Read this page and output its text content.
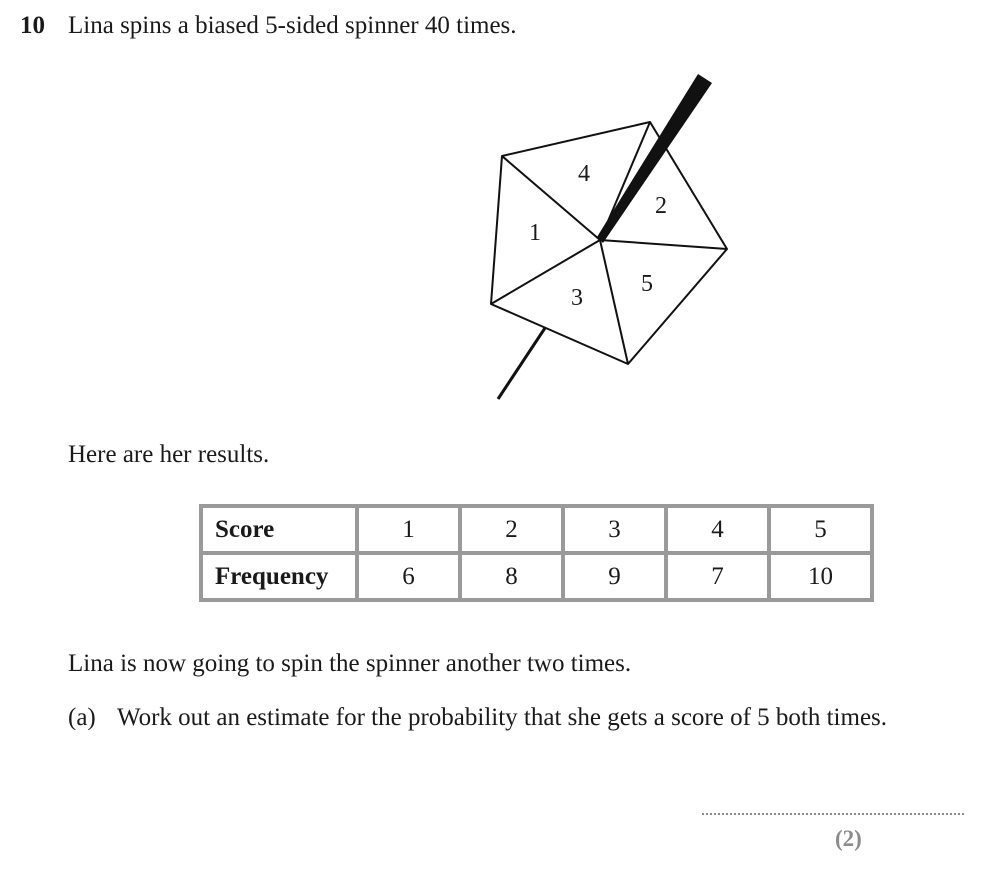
10 Lina spins a biased 5-sided spinner 40 times.
4
2
1
5
3
Here are her results.
Score	1	2	3	4	5
Frequency	6	8	9	7	10
Lina is now going to spin the spinner another two times.
(a) Work out an estimate for the probability that she gets a score of 5 both times.
(2)
